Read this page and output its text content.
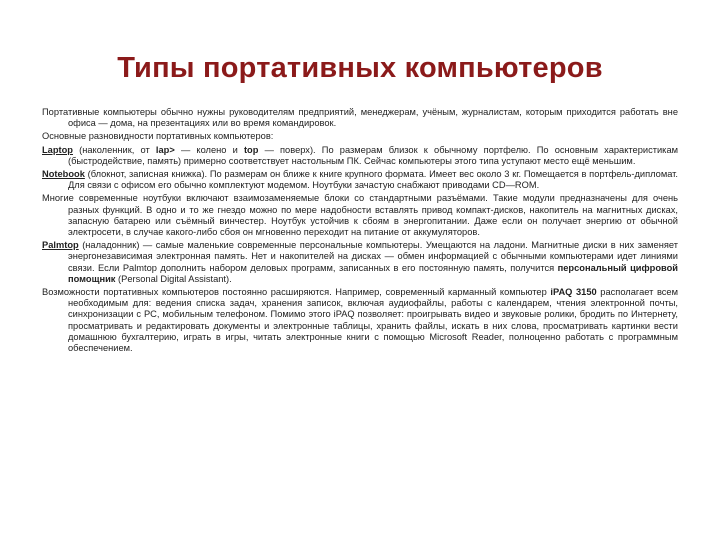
Типы портативных компьютеров

Портативные компьютеры обычно нужны руководителям предприятий, менеджерам, учёным, журналистам, которым приходится работать вне офиса — дома, на презентациях или во время командировок.

Основные разновидности портативных компьютеров:

Laptop (наколенник, от lap> — колено и top — поверх). По размерам близок к обычному портфелю. По основным характеристикам (быстродействие, память) примерно соответствует настольным ПК. Сейчас компьютеры этого типа уступают место ещё меньшим.

Notebook (блокнот, записная книжка). По размерам он ближе к книге крупного формата. Имеет вес около 3 кг. Помещается в портфель-дипломат. Для связи с офисом его обычно комплектуют модемом. Ноутбуки зачастую снабжают приводами CD—ROM.

Многие современные ноутбуки включают взаимозаменяемые блоки со стандартными разъёмами. Такие модули предназначены для очень разных функций. В одно и то же гнездо можно по мере надобности вставлять привод компакт-дисков, накопитель на магнитных дисках, запасную батарею или съёмный винчестер. Ноутбук устойчив к сбоям в энергопитании. Даже если он получает энергию от обычной электросети, в случае какого-либо сбоя он мгновенно переходит на питание от аккумуляторов.

Palmtop (наладонник) — самые маленькие современные персональные компьютеры. Умещаются на ладони. Магнитные диски в них заменяет энергонезависимая электронная память. Нет и накопителей на дисках — обмен информацией с обычными компьютерами идет линиями связи. Если Palmtop дополнить набором деловых программ, записанных в его постоянную память, получится персональный цифровой помощник (Personal Digital Assistant).

Возможности портативных компьютеров постоянно расширяются. Например, современный карманный компьютер iPAQ 3150 располагает всем необходимым для: ведения списка задач, хранения записок, включая аудиофайлы, работы с календарем, чтения электронной почты, синхронизации с PC, мобильным телефоном. Помимо этого iPAQ позволяет: проигрывать видео и звуковые ролики, бродить по Интернету, просматривать и редактировать документы и электронные таблицы, хранить файлы, искать в них слова, просматривать картинки вести домашнюю бухгалтерию, играть в игры, читать электронные книги с помощью Microsoft Reader, полноценно работать с программным обеспечением.
